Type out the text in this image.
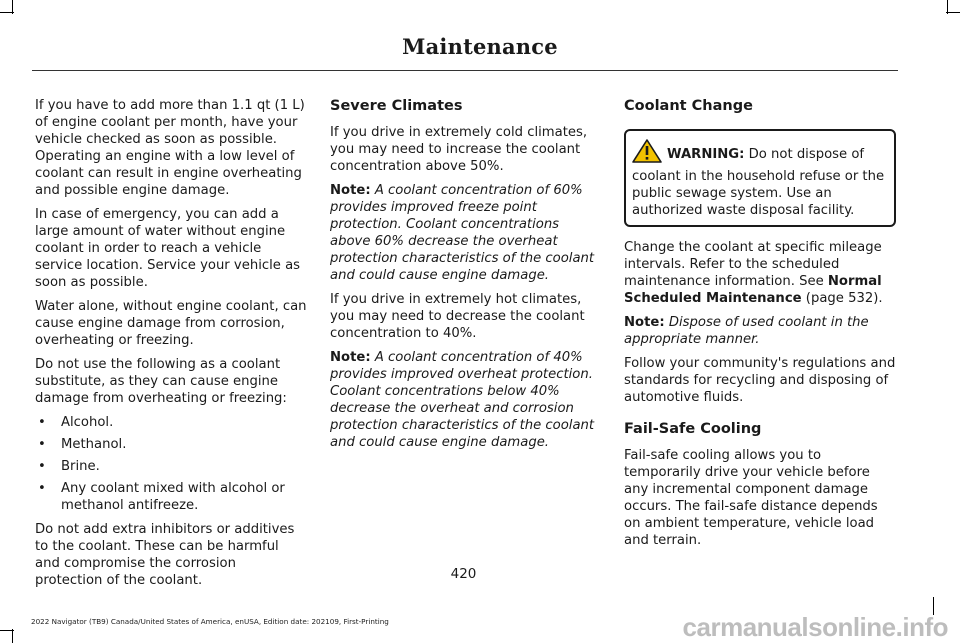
Maintenance

If you have to add more than 1.1 qt (1 L) of engine coolant per month, have your vehicle checked as soon as possible. Operating an engine with a low level of coolant can result in engine overheating and possible engine damage.

In case of emergency, you can add a large amount of water without engine coolant in order to reach a vehicle service location. Service your vehicle as soon as possible.

Water alone, without engine coolant, can cause engine damage from corrosion, overheating or freezing.

Do not use the following as a coolant substitute, as they can cause engine damage from overheating or freezing:

• Alcohol.
• Methanol.
• Brine.
• Any coolant mixed with alcohol or methanol antifreeze.

Do not add extra inhibitors or additives to the coolant. These can be harmful and compromise the corrosion protection of the coolant.

Severe Climates

If you drive in extremely cold climates, you may need to increase the coolant concentration above 50%.

Note: A coolant concentration of 60% provides improved freeze point protection. Coolant concentrations above 60% decrease the overheat protection characteristics of the coolant and could cause engine damage.

If you drive in extremely hot climates, you may need to decrease the coolant concentration to 40%.

Note: A coolant concentration of 40% provides improved overheat protection. Coolant concentrations below 40% decrease the overheat and corrosion protection characteristics of the coolant and could cause engine damage.

Coolant Change
WARNING: Do not dispose of coolant in the household refuse or the public sewage system. Use an authorized waste disposal facility.

Change the coolant at specific mileage intervals. Refer to the scheduled maintenance information. See Normal Scheduled Maintenance (page 532).

Note: Dispose of used coolant in the appropriate manner.

Follow your community's regulations and standards for recycling and disposing of automotive fluids.

Fail-Safe Cooling

Fail-safe cooling allows you to temporarily drive your vehicle before any incremental component damage occurs. The fail-safe distance depends on ambient temperature, vehicle load and terrain.

420
2022 Navigator (TB9) Canada/United States of America, enUSA, Edition date: 202109, First-Printing	carmanualsonline.info
